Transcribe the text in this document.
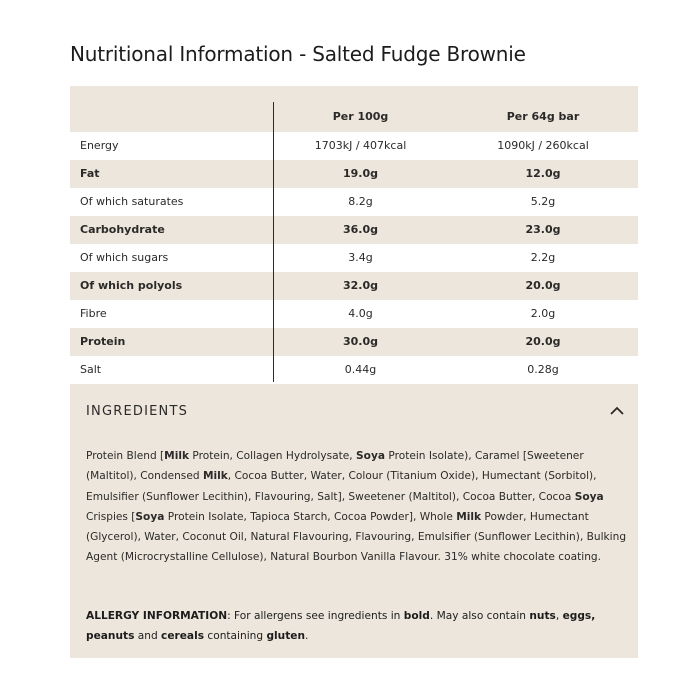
Nutritional Information - Salted Fudge Brownie
Per 100g	Per 64g bar
Energy	1703kJ / 407kcal	1090kJ / 260kcal
Fat	19.0g	12.0g
Of which saturates	8.2g	5.2g
Carbohydrate	36.0g	23.0g
Of which sugars	3.4g	2.2g
Of which polyols	32.0g	20.0g
Fibre	4.0g	2.0g
Protein	30.0g	20.0g
Salt	0.44g	0.28g
INGREDIENTS
Protein Blend [Milk Protein, Collagen Hydrolysate, Soya Protein Isolate), Caramel [Sweetener (Maltitol), Condensed Milk, Cocoa Butter, Water, Colour (Titanium Oxide), Humectant (Sorbitol), Emulsifier (Sunflower Lecithin), Flavouring, Salt], Sweetener (Maltitol), Cocoa Butter, Cocoa Soya Crispies [Soya Protein Isolate, Tapioca Starch, Cocoa Powder], Whole Milk Powder, Humectant (Glycerol), Water, Coconut Oil, Natural Flavouring, Flavouring, Emulsifier (Sunflower Lecithin), Bulking Agent (Microcrystalline Cellulose), Natural Bourbon Vanilla Flavour. 31% white chocolate coating.
ALLERGY INFORMATION: For allergens see ingredients in bold. May also contain nuts, eggs, peanuts and cereals containing gluten.
